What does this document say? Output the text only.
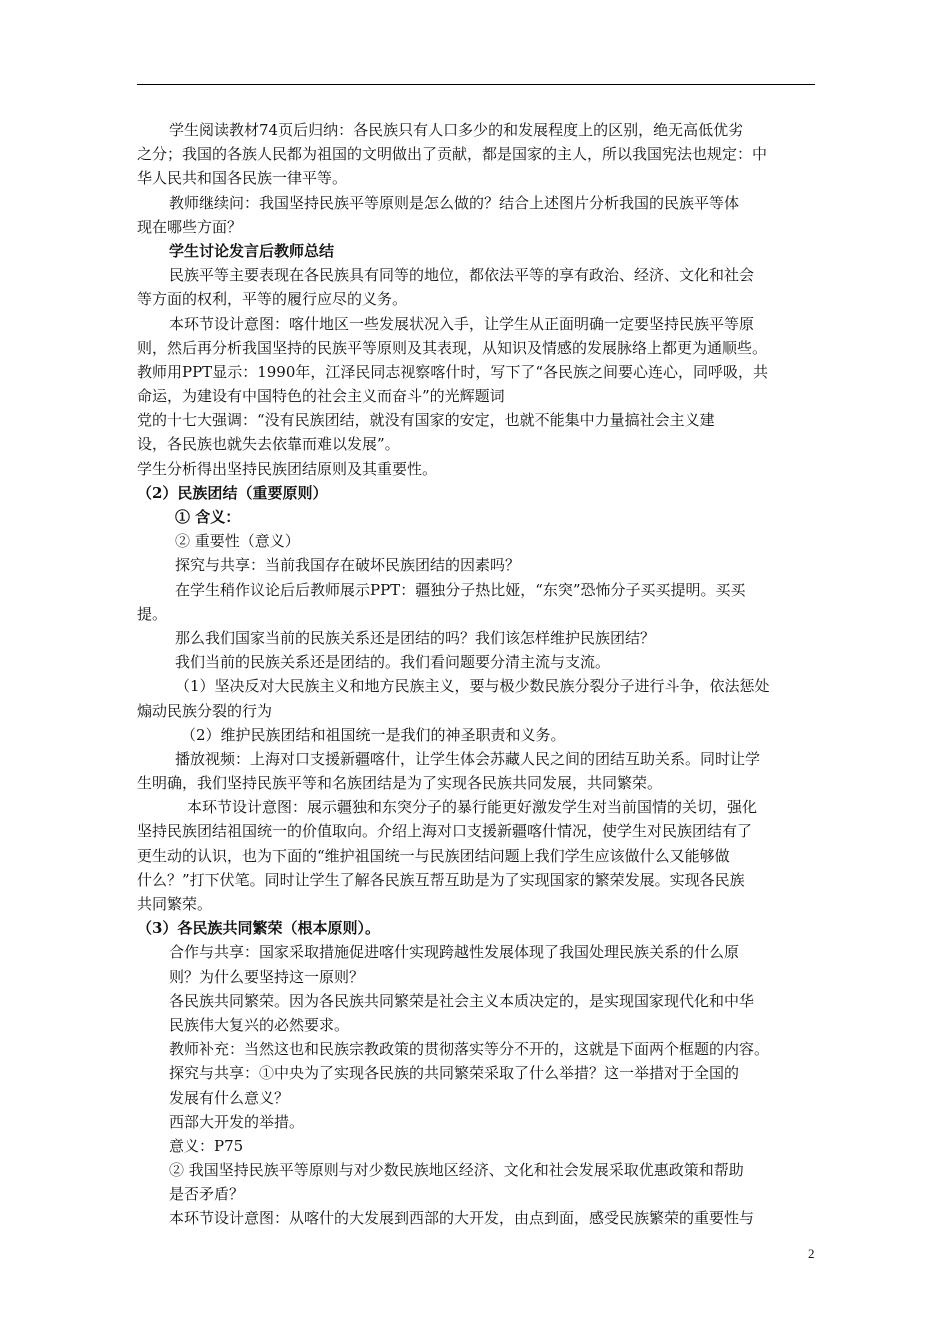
学生阅读教材74页后归纳：各民族只有人口多少的和发展程度上的区别，绝无高低优劣
之分；我国的各族人民都为祖国的文明做出了贡献，都是国家的主人，所以我国宪法也规定：中
华人民共和国各民族一律平等。
教师继续问：我国坚持民族平等原则是怎么做的？结合上述图片分析我国的民族平等体
现在哪些方面？
学生讨论发言后教师总结
民族平等主要表现在各民族具有同等的地位，都依法平等的享有政治、经济、文化和社会
等方面的权利，平等的履行应尽的义务。
本环节设计意图：喀什地区一些发展状况入手，让学生从正面明确一定要坚持民族平等原
则，然后再分析我国坚持的民族平等原则及其表现，从知识及情感的发展脉络上都更为通顺些。
教师用PPT显示：1990年，江泽民同志视察喀什时，写下了“各民族之间要心连心，同呼吸，共
命运，为建设有中国特色的社会主义而奋斗”的光辉题词
党的十七大强调：“没有民族团结，就没有国家的安定，也就不能集中力量搞社会主义建
设，各民族也就失去依靠而难以发展”。
学生分析得出坚持民族团结原则及其重要性。
（2）民族团结（重要原则）
① 含义：
② 重要性（意义）
探究与共享：当前我国存在破坏民族团结的因素吗？
在学生稍作议论后后教师展示PPT：疆独分子热比娅，“东突”恐怖分子买买提明。买买
提。
那么我们国家当前的民族关系还是团结的吗？我们该怎样维护民族团结？
我们当前的民族关系还是团结的。我们看问题要分清主流与支流。
（1）坚决反对大民族主义和地方民族主义，要与极少数民族分裂分子进行斗争，依法惩处
煽动民族分裂的行为
（2）维护民族团结和祖国统一是我们的神圣职责和义务。
播放视频：上海对口支援新疆喀什，让学生体会苏藏人民之间的团结互助关系。同时让学
生明确，我们坚持民族平等和名族团结是为了实现各民族共同发展，共同繁荣。
本环节设计意图：展示疆独和东突分子的暴行能更好激发学生对当前国情的关切，强化
坚持民族团结祖国统一的价值取向。介绍上海对口支援新疆喀什情况，使学生对民族团结有了
更生动的认识，也为下面的“维护祖国统一与民族团结问题上我们学生应该做什么又能够做
什么？”打下伏笔。同时让学生了解各民族互帮互助是为了实现国家的繁荣发展。实现各民族
共同繁荣。
（3）各民族共同繁荣（根本原则）。
合作与共享：国家采取措施促进喀什实现跨越性发展体现了我国处理民族关系的什么原
则？为什么要坚持这一原则？
各民族共同繁荣。因为各民族共同繁荣是社会主义本质决定的，是实现国家现代化和中华
民族伟大复兴的必然要求。
教师补充：当然这也和民族宗教政策的贯彻落实等分不开的，这就是下面两个框题的内容。
探究与共享：①中央为了实现各民族的共同繁荣采取了什么举措？这一举措对于全国的
发展有什么意义？
西部大开发的举措。
意义：P75
② 我国坚持民族平等原则与对少数民族地区经济、文化和社会发展采取优惠政策和帮助
是否矛盾？
本环节设计意图：从喀什的大发展到西部的大开发，由点到面，感受民族繁荣的重要性与
2
